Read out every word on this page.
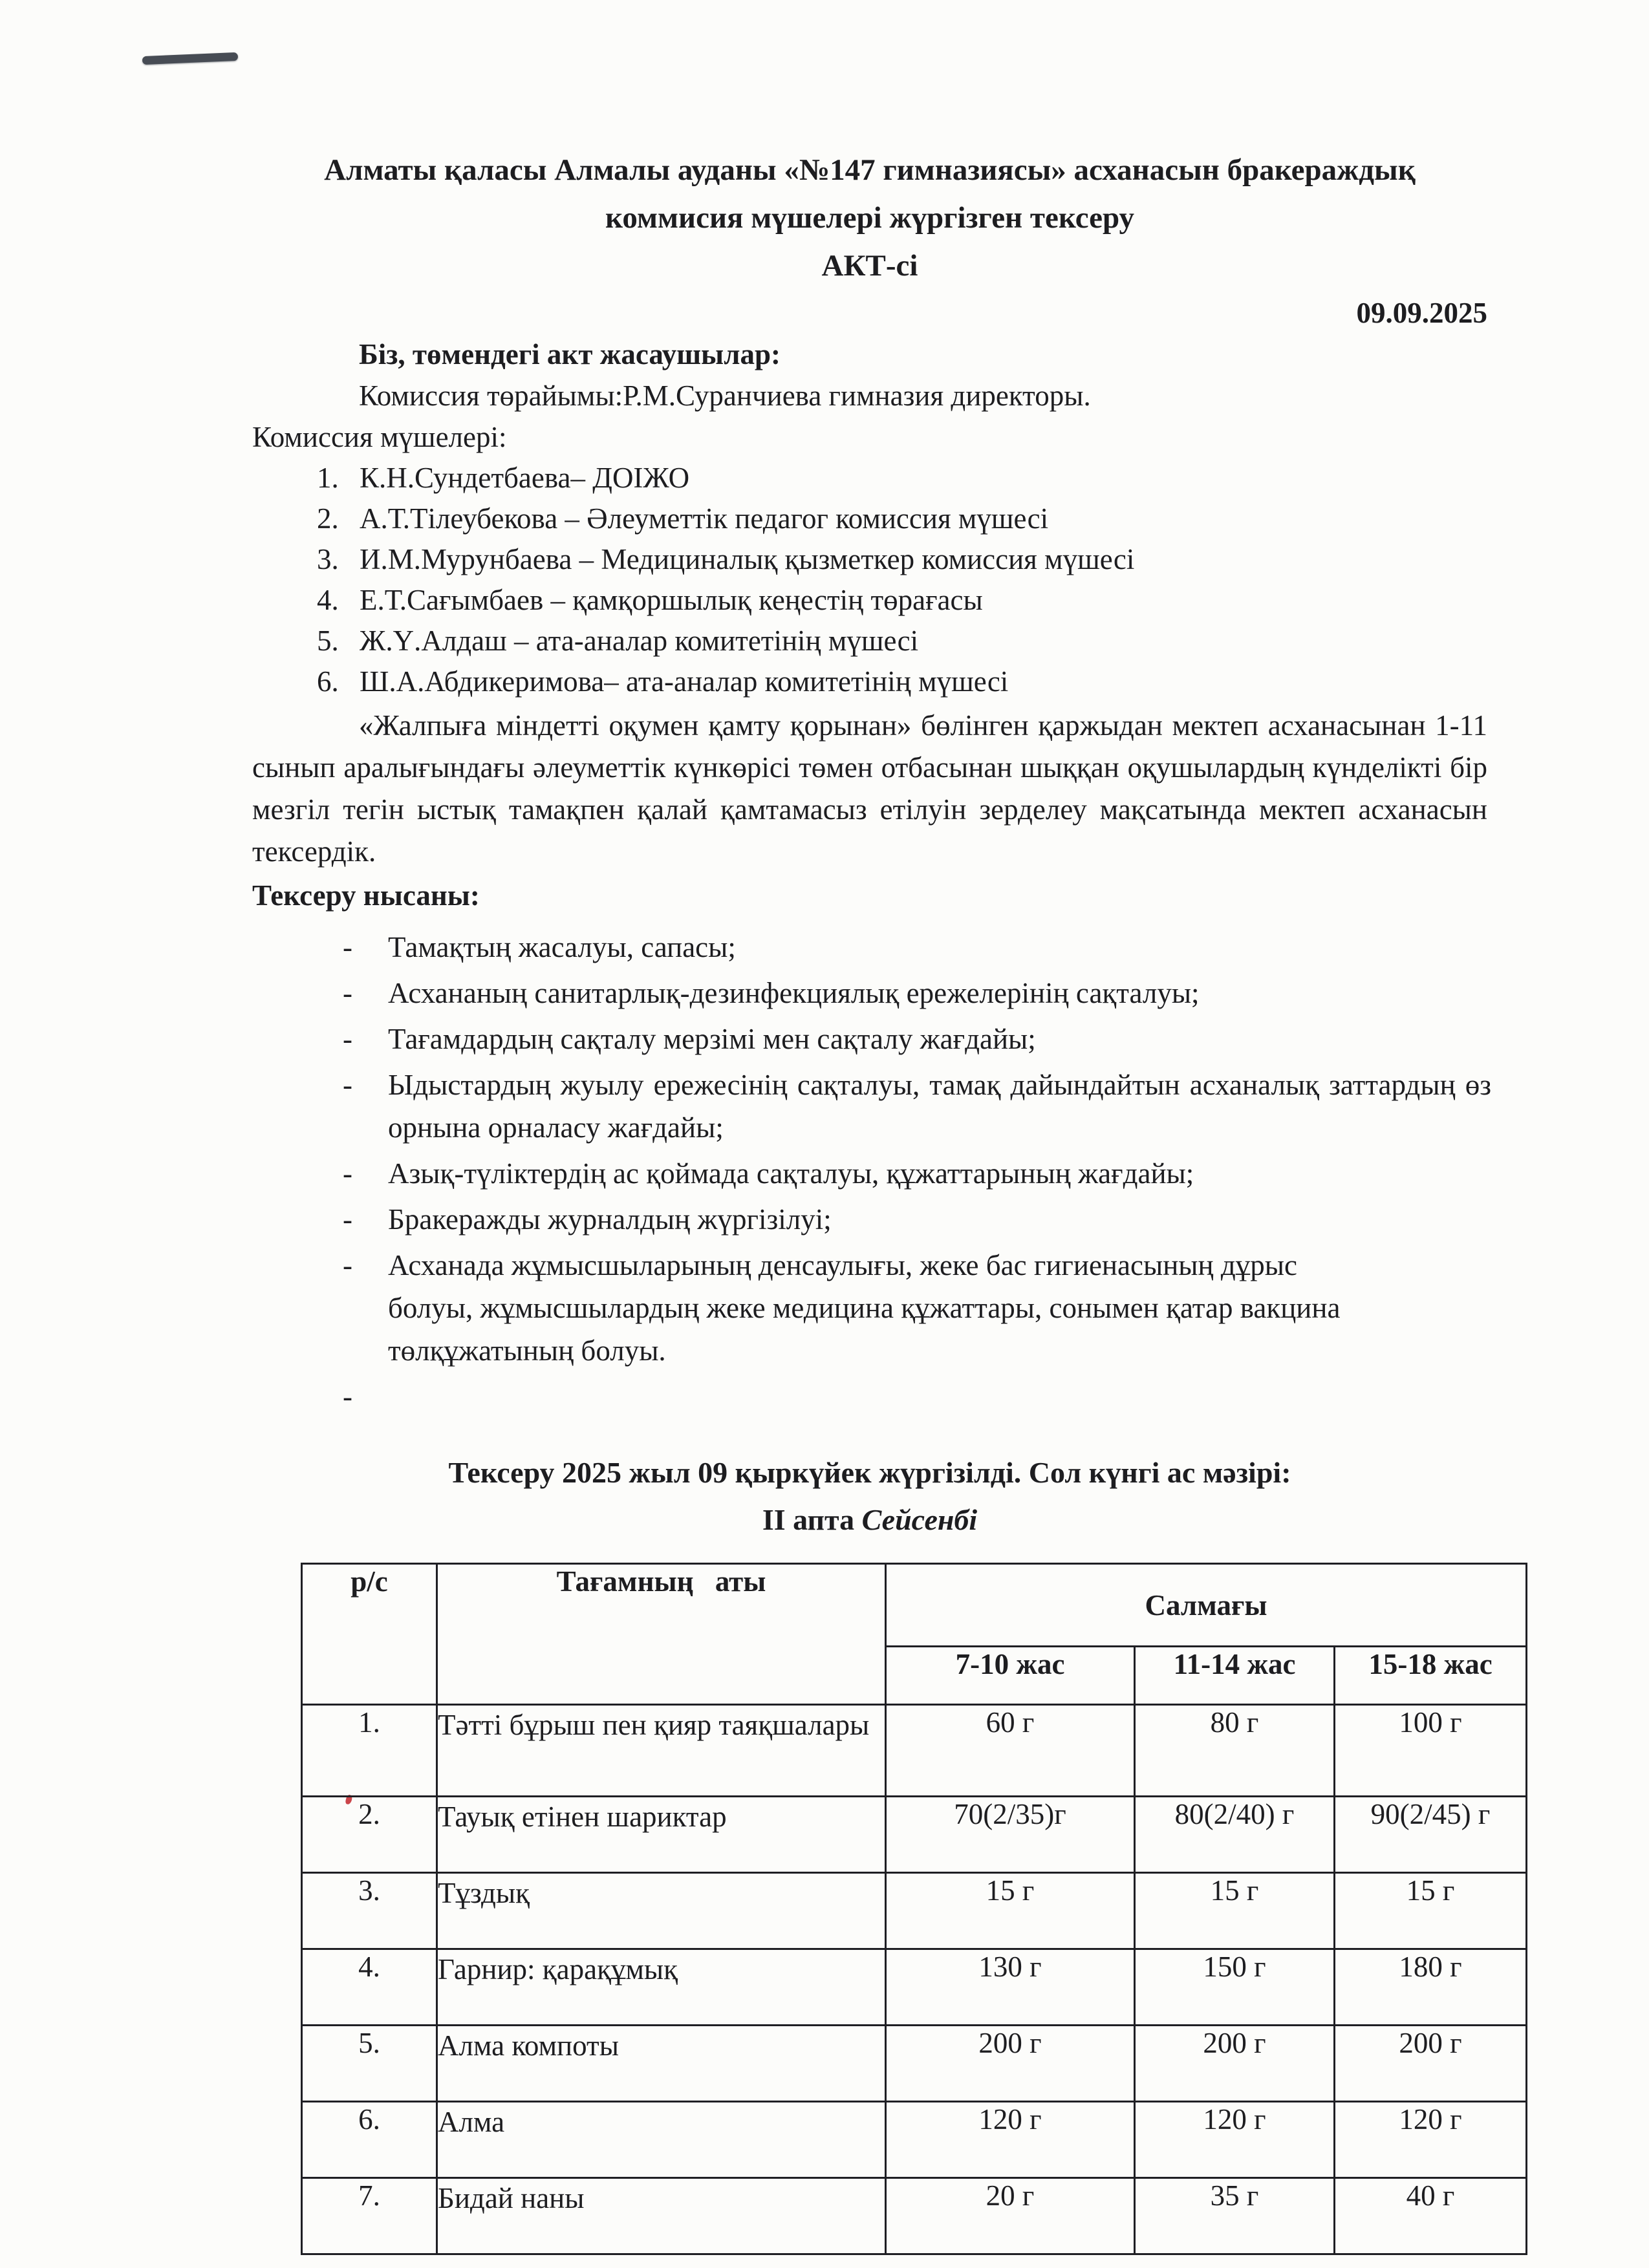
Алматы қаласы Алмалы ауданы «№147 гимназиясы» асханасын бракераждық
коммисия мүшелері жүргізген тексеру
АКТ-сі
09.09.2025

Біз, төмендегі акт жасаушылар:

Комиссия төрайымы:Р.М.Суранчиева гимназия директоры.

Комиссия мүшелері:

1. К.Н.Сундетбаева– ДОІЖО
2. А.Т.Тілеубекова – Әлеуметтік педагог комиссия мүшесі
3. И.М.Мурунбаева – Медициналық қызметкер комиссия мүшесі
4. Е.Т.Сағымбаев – қамқоршылық кеңестің төрағасы
5. Ж.Ү.Алдаш – ата-аналар комитетінің мүшесі
6. Ш.А.Абдикеримова– ата-аналар комитетінің мүшесі

«Жалпыға міндетті оқумен қамту қорынан» бөлінген қаржыдан мектеп асханасынан 1-11 сынып аралығындағы әлеуметтік күнкөрісі төмен отбасынан шыққан оқушылардың күнделікті бір мезгіл тегін ыстық тамақпен қалай қамтамасыз етілуін зерделеу мақсатында мектеп асханасын тексердік.

Тексеру нысаны:

-	Тамақтың жасалуы, сапасы;
-	Асхананың санитарлық-дезинфекциялық ережелерінің сақталуы;
-	Тағамдардың сақталу мерзімі мен сақталу жағдайы;
-	Ыдыстардың жуылу ережесінің сақталуы, тамақ дайындайтын асханалық заттардың өз орнына орналасу жағдайы;
-	Азық-түліктердің ас қоймада сақталуы, құжаттарының жағдайы;
-	Бракеражды журналдың жүргізілуі;
-	Асханада жұмысшыларының денсаулығы, жеке бас гигиенасының дұрыс болуы, жұмысшылардың жеке медицина құжаттары, сонымен қатар вакцина төлқұжатының болуы.
-

Тексеру 2025 жыл 09 қыркүйек жүргізілді. Сол күнгі ас мәзірі:

ІІ апта Сейсенбі

р/с	Тағамның аты	Салмағы		
		7-10 жас	11-14 жас	15-18 жас
1.	Тәтті бұрыш пен қияр таяқшалары	60 г	80 г	100 г
2.	Тауық етінен шариктар	70(2/35)г	80(2/40) г	90(2/45) г
3.	Тұздық	15 г	15 г	15 г
4.	Гарнир: қарақұмық	130 г	150 г	180 г
5.	Алма компоты	200 г	200 г	200 г
6.	Алма	120 г	120 г	120 г
7.	Бидай наны	20 г	35 г	40 г
